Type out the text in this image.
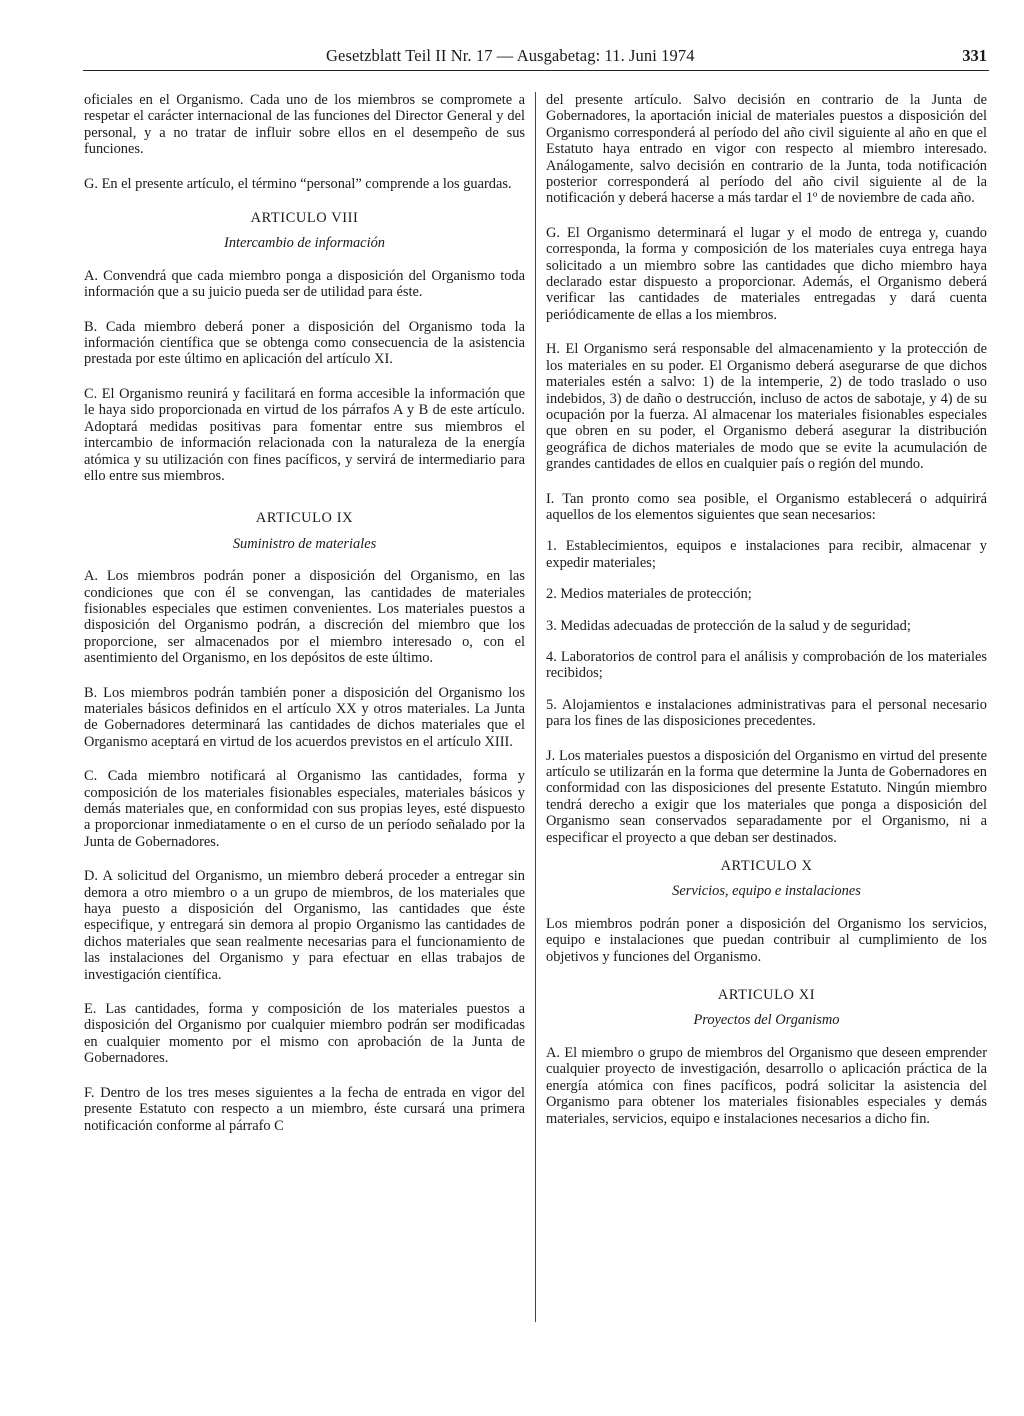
Gesetzblatt Teil II Nr. 17 — Ausgabetag: 11. Juni 1974	331

oficiales en el Organismo. Cada uno de los miembros se compromete a respetar el carácter internacional de las funciones del Director General y del personal, y a no tratar de influir sobre ellos en el desempeño de sus funciones.

G. En el presente artículo, el término “personal” comprende a los guardas.

ARTICULO VIII
Intercambio de información

A. Convendrá que cada miembro ponga a disposición del Organismo toda información que a su juicio pueda ser de utilidad para éste.

B. Cada miembro deberá poner a disposición del Organismo toda la información científica que se obtenga como consecuencia de la asistencia prestada por este último en aplicación del artículo XI.

C. El Organismo reunirá y facilitará en forma accesible la información que le haya sido proporcionada en virtud de los párrafos A y B de este artículo. Adoptará medidas positivas para fomentar entre sus miembros el intercambio de información relacionada con la naturaleza de la energía atómica y su utilización con fines pacíficos, y servirá de intermediario para ello entre sus miembros.

ARTICULO IX
Suministro de materiales

A. Los miembros podrán poner a disposición del Organismo, en las condiciones que con él se convengan, las cantidades de materiales fisionables especiales que estimen convenientes. Los materiales puestos a disposición del Organismo podrán, a discreción del miembro que los proporcione, ser almacenados por el miembro interesado o, con el asentimiento del Organismo, en los depósitos de este último.

B. Los miembros podrán también poner a disposición del Organismo los materiales básicos definidos en el artículo XX y otros materiales. La Junta de Gobernadores determinará las cantidades de dichos materiales que el Organismo aceptará en virtud de los acuerdos previstos en el artículo XIII.

C. Cada miembro notificará al Organismo las cantidades, forma y composición de los materiales fisionables especiales, materiales básicos y demás materiales que, en conformidad con sus propias leyes, esté dispuesto a proporcionar inmediatamente o en el curso de un período señalado por la Junta de Gobernadores.

D. A solicitud del Organismo, un miembro deberá proceder a entregar sin demora a otro miembro o a un grupo de miembros, de los materiales que haya puesto a disposición del Organismo, las cantidades que éste especifique, y entregará sin demora al propio Organismo las cantidades de dichos materiales que sean realmente necesarias para el funcionamiento de las instalaciones del Organismo y para efectuar en ellas trabajos de investigación científica.

E. Las cantidades, forma y composición de los materiales puestos a disposición del Organismo por cualquier miembro podrán ser modificadas en cualquier momento por el mismo con aprobación de la Junta de Gobernadores.

F. Dentro de los tres meses siguientes a la fecha de entrada en vigor del presente Estatuto con respecto a un miembro, éste cursará una primera notificación conforme al párrafo C

del presente artículo. Salvo decisión en contrario de la Junta de Gobernadores, la aportación inicial de materiales puestos a disposición del Organismo corresponderá al período del año civil siguiente al año en que el Estatuto haya entrado en vigor con respecto al miembro interesado. Análogamente, salvo decisión en contrario de la Junta, toda notificación posterior corresponderá al período del año civil siguiente al de la notificación y deberá hacerse a más tardar el 1º de noviembre de cada año.

G. El Organismo determinará el lugar y el modo de entrega y, cuando corresponda, la forma y composición de los materiales cuya entrega haya solicitado a un miembro sobre las cantidades que dicho miembro haya declarado estar dispuesto a proporcionar. Además, el Organismo deberá verificar las cantidades de materiales entregadas y dará cuenta periódicamente de ellas a los miembros.

H. El Organismo será responsable del almacenamiento y la protección de los materiales en su poder. El Organismo deberá asegurarse de que dichos materiales estén a salvo: 1) de la intemperie, 2) de todo traslado o uso indebidos, 3) de daño o destrucción, incluso de actos de sabotaje, y 4) de su ocupación por la fuerza. Al almacenar los materiales fisionables especiales que obren en su poder, el Organismo deberá asegurar la distribución geográfica de dichos materiales de modo que se evite la acumulación de grandes cantidades de ellos en cualquier país o región del mundo.

I. Tan pronto como sea posible, el Organismo establecerá o adquirirá aquellos de los elementos siguientes que sean necesarios:

1. Establecimientos, equipos e instalaciones para recibir, almacenar y expedir materiales;

2. Medios materiales de protección;

3. Medidas adecuadas de protección de la salud y de seguridad;

4. Laboratorios de control para el análisis y comprobación de los materiales recibidos;

5. Alojamientos e instalaciones administrativas para el personal necesario para los fines de las disposiciones precedentes.

J. Los materiales puestos a disposición del Organismo en virtud del presente artículo se utilizarán en la forma que determine la Junta de Gobernadores en conformidad con las disposiciones del presente Estatuto. Ningún miembro tendrá derecho a exigir que los materiales que ponga a disposición del Organismo sean conservados separadamente por el Organismo, ni a especificar el proyecto a que deban ser destinados.

ARTICULO X
Servicios, equipo e instalaciones

Los miembros podrán poner a disposición del Organismo los servicios, equipo e instalaciones que puedan contribuir al cumplimiento de los objetivos y funciones del Organismo.

ARTICULO XI
Proyectos del Organismo

A. El miembro o grupo de miembros del Organismo que deseen emprender cualquier proyecto de investigación, desarrollo o aplicación práctica de la energía atómica con fines pacíficos, podrá solicitar la asistencia del Organismo para obtener los materiales fisionables especiales y demás materiales, servicios, equipo e instalaciones necesarios a dicho fin.
